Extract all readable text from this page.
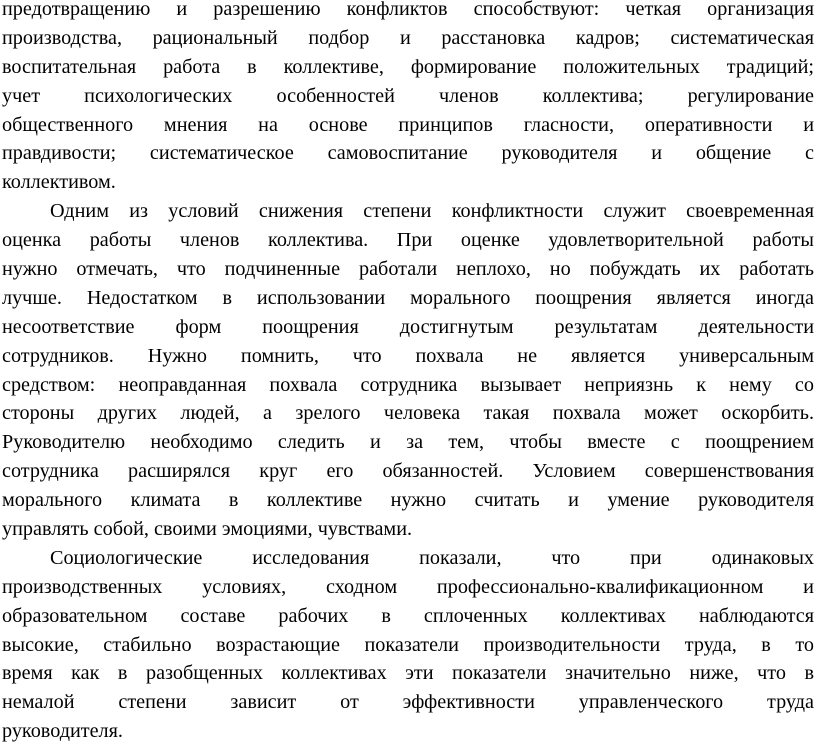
предотвращению и разрешению конфликтов способствуют: четкая организация
производства, рациональный подбор и расстановка кадров; систематическая
воспитательная работа в коллективе, формирование положительных традиций;
учет психологических особенностей членов коллектива; регулирование
общественного мнения на основе принципов гласности, оперативности и
правдивости; систематическое самовоспитание руководителя и общение с
коллективом.
Одним из условий снижения степени конфликтности служит своевременная
оценка работы членов коллектива. При оценке удовлетворительной работы
нужно отмечать, что подчиненные работали неплохо, но побуждать их работать
лучше. Недостатком в использовании морального поощрения является иногда
несоответствие форм поощрения достигнутым результатам деятельности
сотрудников. Нужно помнить, что похвала не является универсальным
средством: неоправданная похвала сотрудника вызывает неприязнь к нему со
стороны других людей, а зрелого человека такая похвала может оскорбить.
Руководителю необходимо следить и за тем, чтобы вместе с поощрением
сотрудника расширялся круг его обязанностей. Условием совершенствования
морального климата в коллективе нужно считать и умение руководителя
управлять собой, своими эмоциями, чувствами.
Социологические исследования показали, что при одинаковых
производственных условиях, сходном профессионально-квалификационном и
образовательном составе рабочих в сплоченных коллективах наблюдаются
высокие, стабильно возрастающие показатели производительности труда, в то
время как в разобщенных коллективах эти показатели значительно ниже, что в
немалой степени зависит от эффективности управленческого труда
руководителя.
